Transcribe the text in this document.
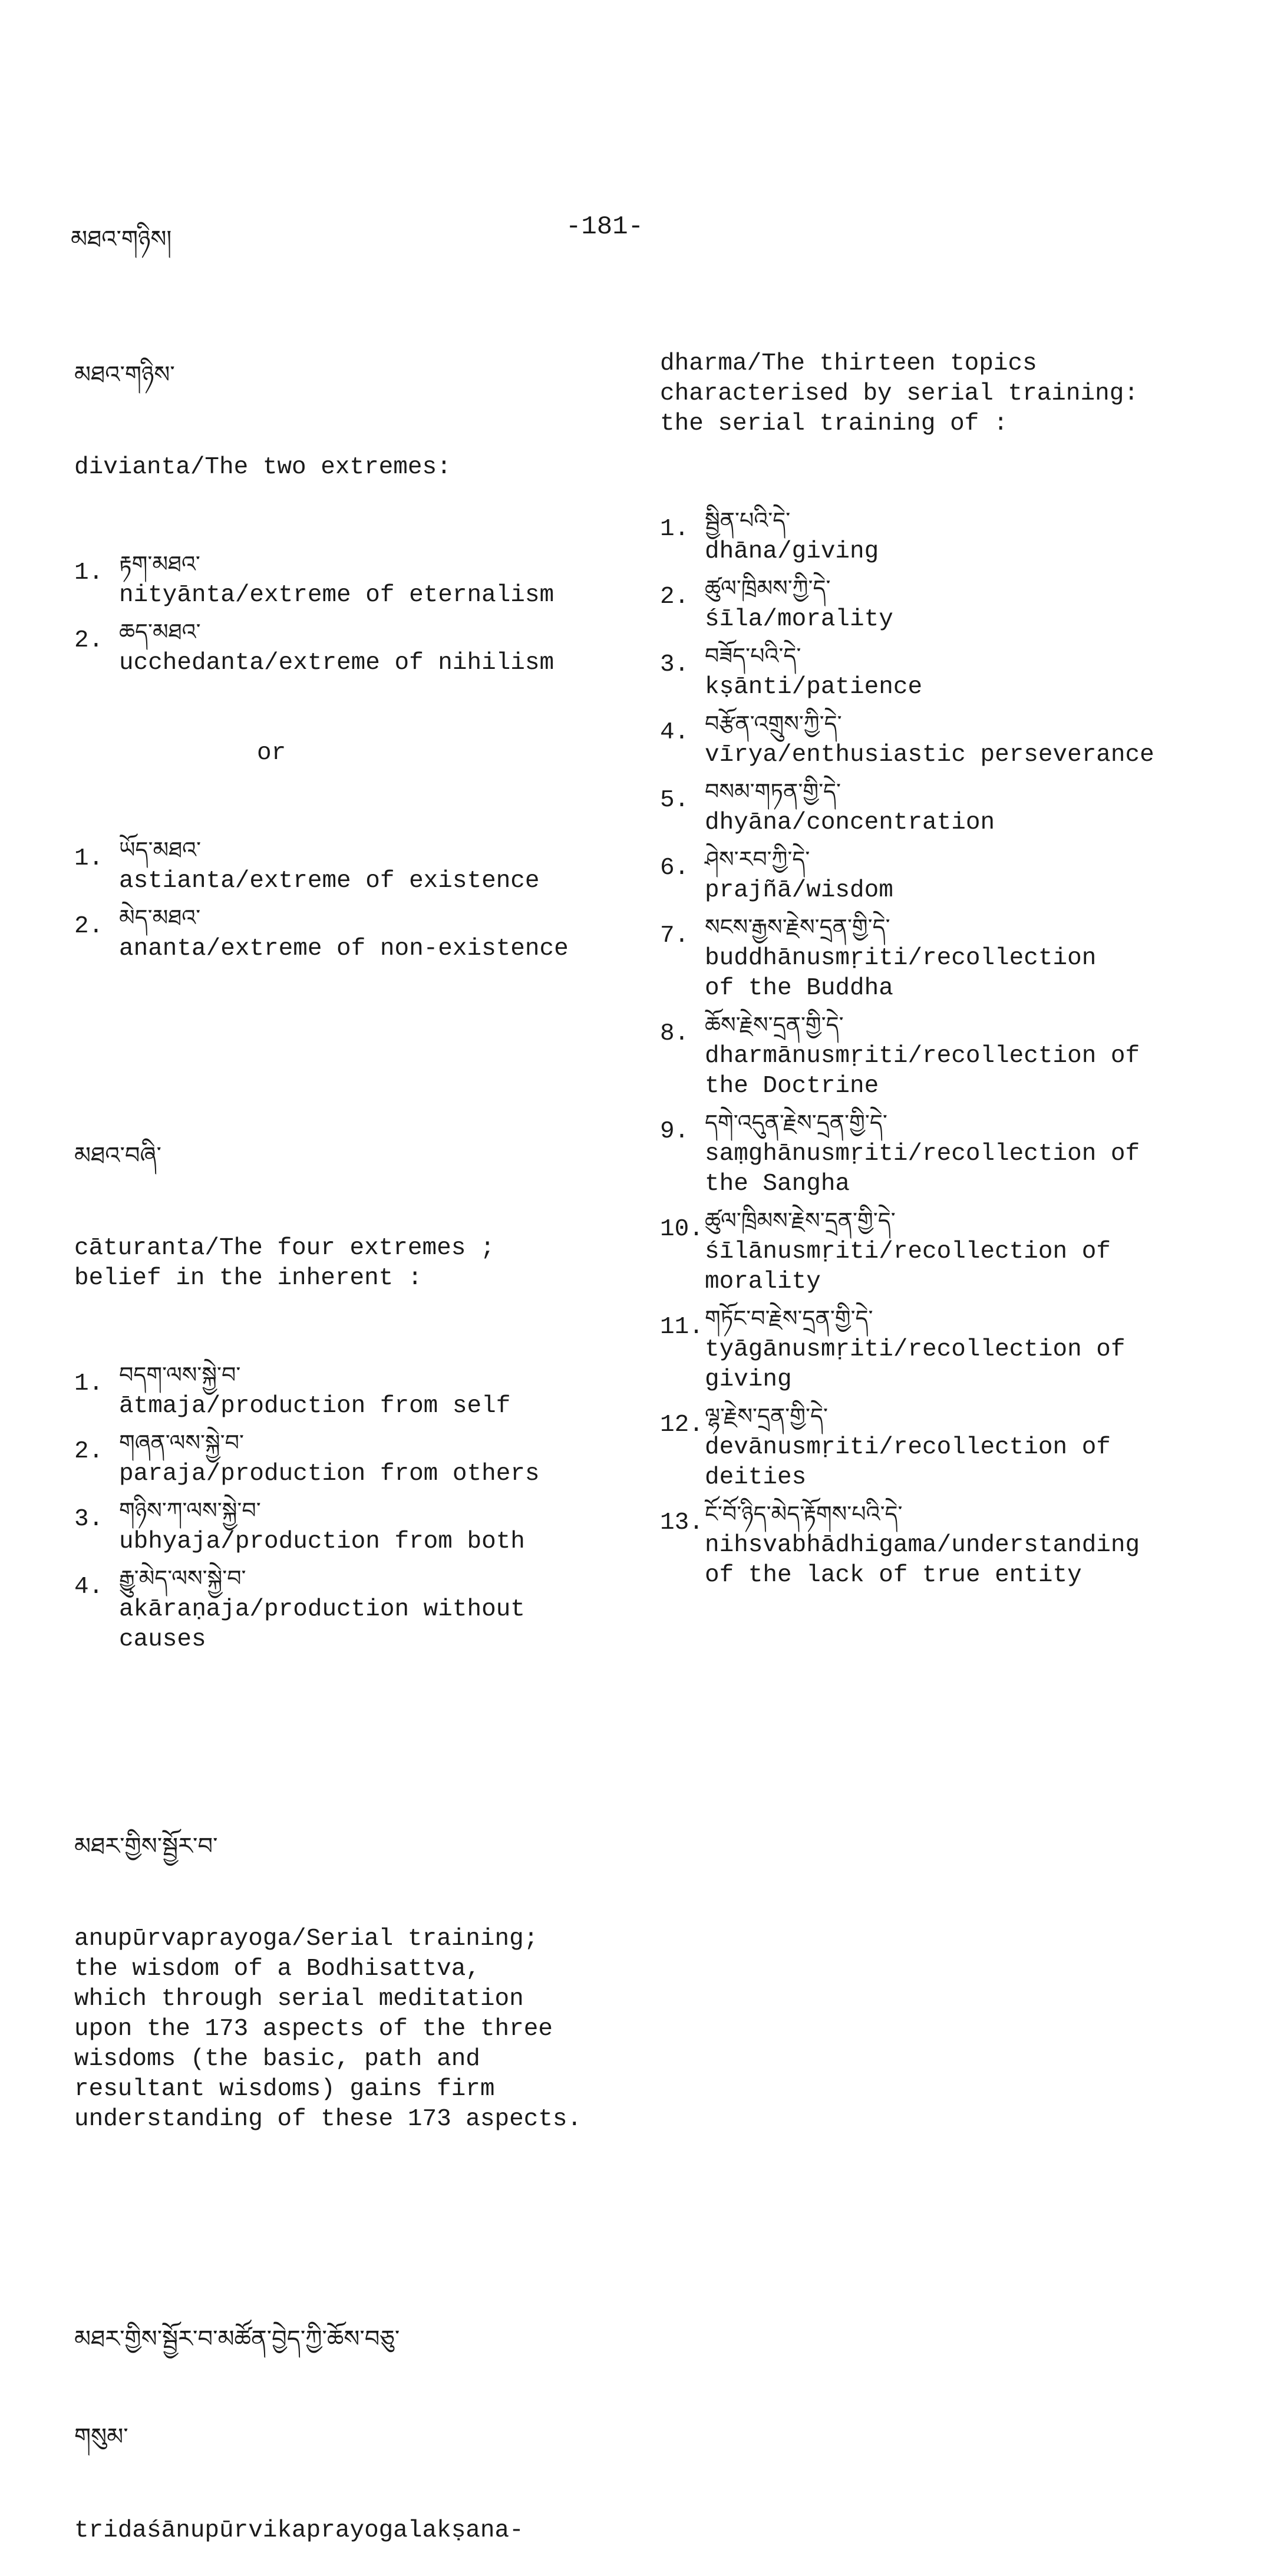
མཐའ་གཉིས།	-181-

མཐའ་གཉིས་

divianta/The two extremes:

1. རྟག་མཐའ་
nityānta/extreme of eternalism
2. ཆད་མཐའ་
ucchedanta/extreme of nihilism

or

1. ཡོད་མཐའ་
astianta/extreme of existence
2. མེད་མཐའ་
ananta/extreme of non-existence

མཐའ་བཞི་

cāturanta/The four extremes ;
belief in the inherent :

1. བདག་ལས་སྐྱེ་བ་
ātmaja/production from self
2. གཞན་ལས་སྐྱེ་བ་
paraja/production from others
3. གཉིས་ཀ་ལས་སྐྱེ་བ་
ubhyaja/production from both
4. རྒྱུ་མེད་ལས་སྐྱེ་བ་
akāraṇaja/production without
causes

མཐར་གྱིས་སྦྱོར་བ་

anupūrvaprayoga/Serial training;
the wisdom of a Bodhisattva,
which through serial meditation
upon the 173 aspects of the three
wisdoms (the basic, path and
resultant wisdoms) gains firm
understanding of these 173 aspects.

མཐར་གྱིས་སྦྱོར་བ་མཚོན་བྱེད་ཀྱི་ཆོས་བཅུ་

གསུམ་

tridaśānupūrvikaprayogalakṣana-

dharma/The thirteen topics
characterised by serial training:
the serial training of :

1. སྦྱིན་པའི་དེ་
dhāna/giving
2. ཚུལ་ཁྲིམས་ཀྱི་དེ་
śīla/morality
3. བཟོད་པའི་དེ་
kṣānti/patience
4. བརྩོན་འགྲུས་ཀྱི་དེ་
vīrya/enthusiastic perseverance
5. བསམ་གཏན་གྱི་དེ་
dhyāna/concentration
6. ཤེས་རབ་ཀྱི་དེ་
prajñā/wisdom
7. སངས་རྒྱས་རྗེས་དྲན་གྱི་དེ་
buddhānusmṛiti/recollection
of the Buddha
8. ཆོས་རྗེས་དྲན་གྱི་དེ་
dharmānusmṛiti/recollection of
the Doctrine
9. དགེ་འདུན་རྗེས་དྲན་གྱི་དེ་
saṃghānusmṛiti/recollection of
the Sangha
10. ཚུལ་ཁྲིམས་རྗེས་དྲན་གྱི་དེ་
śīlānusmṛiti/recollection of
morality
11. གཏོང་བ་རྗེས་དྲན་གྱི་དེ་
tyāgānusmṛiti/recollection of
giving
12. ལྷ་རྗེས་དྲན་གྱི་དེ་
devānusmṛiti/recollection of
deities
13. ངོ་བོ་ཉིད་མེད་རྟོགས་པའི་དེ་
nihsvabhādhigama/understanding
of the lack of true entity
